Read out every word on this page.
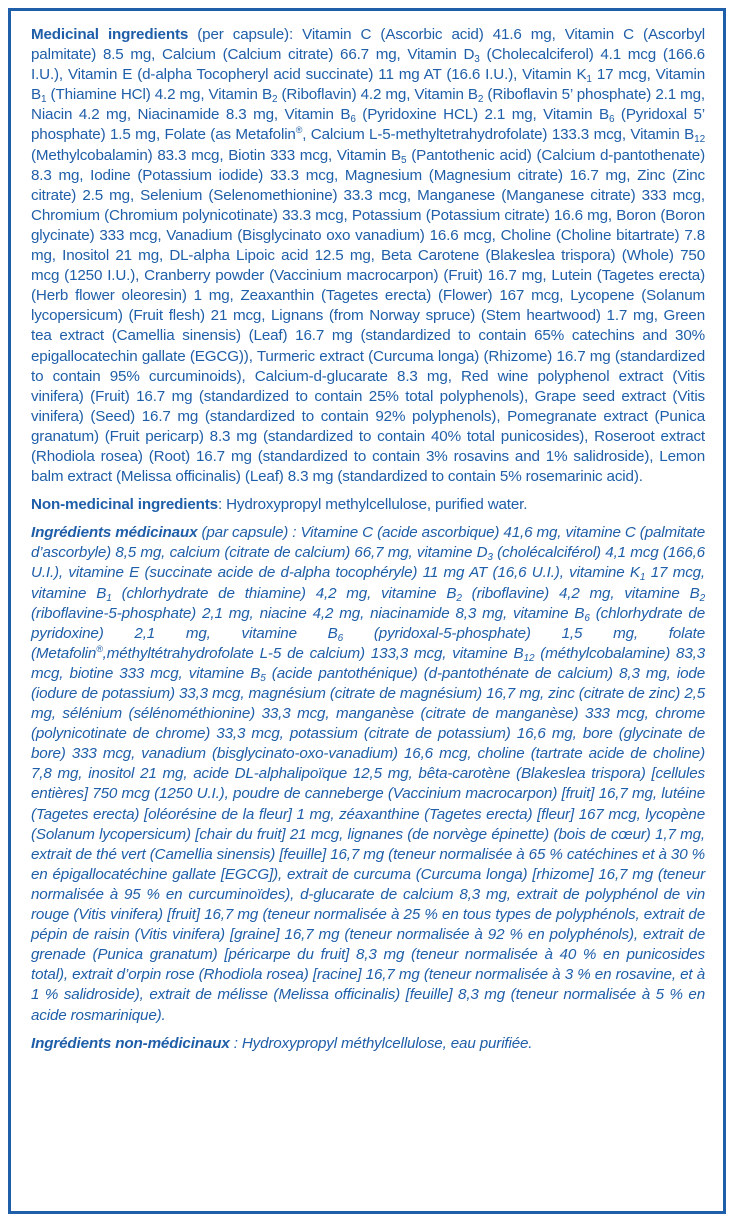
Medicinal ingredients (per capsule): Vitamin C (Ascorbic acid) 41.6 mg, Vitamin C (Ascorbyl palmitate) 8.5 mg, Calcium (Calcium citrate) 66.7 mg, Vitamin $D_3$ (Cholecalciferol) 4.1 mcg (166.6 I.U.), Vitamin E (d-alpha Tocopheryl acid succinate) 11 mg AT (16.6 I.U.), Vitamin $K_1$ 17 mcg, Vitamin $B_1$ (Thiamine HCl) 4.2 mg, Vitamin $B_2$ (Riboflavin) 4.2 mg, Vitamin $B_2$ (Riboflavin 5’ phosphate) 2.1 mg, Niacin 4.2 mg, Niacinamide 8.3 mg, Vitamin $B_6$ (Pyridoxine HCL) 2.1 mg, Vitamin $B_6$ (Pyridoxal 5’ phosphate) 1.5 mg, Folate (as Metafolin®, Calcium L-5-methyltetrahydrofolate) 133.3 mcg, Vitamin $B_{12}$ (Methylcobalamin) 83.3 mcg, Biotin 333 mcg, Vitamin $B_5$ (Pantothenic acid) (Calcium d-pantothenate) 8.3 mg, Iodine (Potassium iodide) 33.3 mcg, Magnesium (Magnesium citrate) 16.7 mg, Zinc (Zinc citrate) 2.5 mg, Selenium (Selenomethionine) 33.3 mcg, Manganese (Manganese citrate) 333 mcg, Chromium (Chromium polynicotinate) 33.3 mcg, Potassium (Potassium citrate) 16.6 mg, Boron (Boron glycinate) 333 mcg, Vanadium (Bisglycinato oxo vanadium) 16.6 mcg, Choline (Choline bitartrate) 7.8 mg, Inositol 21 mg, DL-alpha Lipoic acid 12.5 mg, Beta Carotene (Blakeslea trispora) (Whole) 750 mcg (1250 I.U.), Cranberry powder (Vaccinium macrocarpon) (Fruit) 16.7 mg, Lutein (Tagetes erecta) (Herb flower oleoresin) 1 mg, Zeaxanthin (Tagetes erecta) (Flower) 167 mcg, Lycopene (Solanum lycopersicum) (Fruit flesh) 21 mcg, Lignans (from Norway spruce) (Stem heartwood) 1.7 mg, Green tea extract (Camellia sinensis) (Leaf) 16.7 mg (standardized to contain 65% catechins and 30% epigallocatechin gallate (EGCG)), Turmeric extract (Curcuma longa) (Rhizome) 16.7 mg (standardized to contain 95% curcuminoids), Calcium-d-glucarate 8.3 mg, Red wine polyphenol extract (Vitis vinifera) (Fruit) 16.7 mg (standardized to contain 25% total polyphenols), Grape seed extract (Vitis vinifera) (Seed) 16.7 mg (standardized to contain 92% polyphenols), Pomegranate extract (Punica granatum) (Fruit pericarp) 8.3 mg (standardized to contain 40% total punicosides), Roseroot extract (Rhodiola rosea) (Root) 16.7 mg (standardized to contain 3% rosavins and 1% salidroside), Lemon balm extract (Melissa officinalis) (Leaf) 8.3 mg (standardized to contain 5% rosemarinic acid).

Non-medicinal ingredients: Hydroxypropyl methylcellulose, purified water.

Ingrédients médicinaux (par capsule) : Vitamine C (acide ascorbique) 41,6 mg, vitamine C (palmitate d’ascorbyle) 8,5 mg, calcium (citrate de calcium) 66,7 mg, vitamine $D_3$ (cholécalciférol) 4,1 mcg (166,6 U.I.), vitamine E (succinate acide de d-alpha tocophéryle) 11 mg AT (16,6 U.I.), vitamine $K_1$ 17 mcg, vitamine $B_1$ (chlorhydrate de thiamine) 4,2 mg, vitamine $B_2$ (riboflavine) 4,2 mg, vitamine $B_2$ (riboflavine-5-phosphate) 2,1 mg, niacine 4,2 mg, niacinamide 8,3 mg, vitamine $B_6$ (chlorhydrate de pyridoxine) 2,1 mg, vitamine $B_6$ (pyridoxal-5-phosphate) 1,5 mg, folate (Metafolin®,méthyltétrahydrofolate L-5 de calcium) 133,3 mcg, vitamine $B_{12}$ (méthylcobalamine) 83,3 mcg, biotine 333 mcg, vitamine $B_5$ (acide pantothénique) (d-pantothénate de calcium) 8,3 mg, iode (iodure de potassium) 33,3 mcg, magnésium (citrate de magnésium) 16,7 mg, zinc (citrate de zinc) 2,5 mg, sélénium (sélénométhionine) 33,3 mcg, manganèse (citrate de manganèse) 333 mcg, chrome (polynicotinate de chrome) 33,3 mcg, potassium (citrate de potassium) 16,6 mg, bore (glycinate de bore) 333 mcg, vanadium (bisglycinato-oxo-vanadium) 16,6 mcg, choline (tartrate acide de choline) 7,8 mg, inositol 21 mg, acide DL-alphalipoïque 12,5 mg, bêta-carotène (Blakeslea trispora) [cellules entières] 750 mcg (1250 U.I.), poudre de canneberge (Vaccinium macrocarpon) [fruit] 16,7 mg, lutéine (Tagetes erecta) [oléorésine de la fleur] 1 mg, zéaxanthine (Tagetes erecta) [fleur] 167 mcg, lycopène (Solanum lycopersicum) [chair du fruit] 21 mcg, lignanes (de norvège épinette) (bois de cœur) 1,7 mg, extrait de thé vert (Camellia sinensis) [feuille] 16,7 mg (teneur normalisée à 65 % catéchines et à 30 % en épigallocatéchine gallate [EGCG]), extrait de curcuma (Curcuma longa) [rhizome] 16,7 mg (teneur normalisée à 95 % en curcuminoïdes), d-glucarate de calcium 8,3 mg, extrait de polyphénol de vin rouge (Vitis vinifera) [fruit] 16,7 mg (teneur normalisée à 25 % en tous types de polyphénols, extrait de pépin de raisin (Vitis vinifera) [graine] 16,7 mg (teneur normalisée à 92 % en polyphénols), extrait de grenade (Punica granatum) [péricarpe du fruit] 8,3 mg (teneur normalisée à 40 % en punicosides total), extrait d’orpin rose (Rhodiola rosea) [racine] 16,7 mg (teneur normalisée à 3 % en rosavine, et à 1 % salidroside), extrait de mélisse (Melissa officinalis) [feuille] 8,3 mg (teneur normalisée à 5 % en acide rosmarinique).

Ingrédients non-médicinaux : Hydroxypropyl méthylcellulose, eau purifiée.
